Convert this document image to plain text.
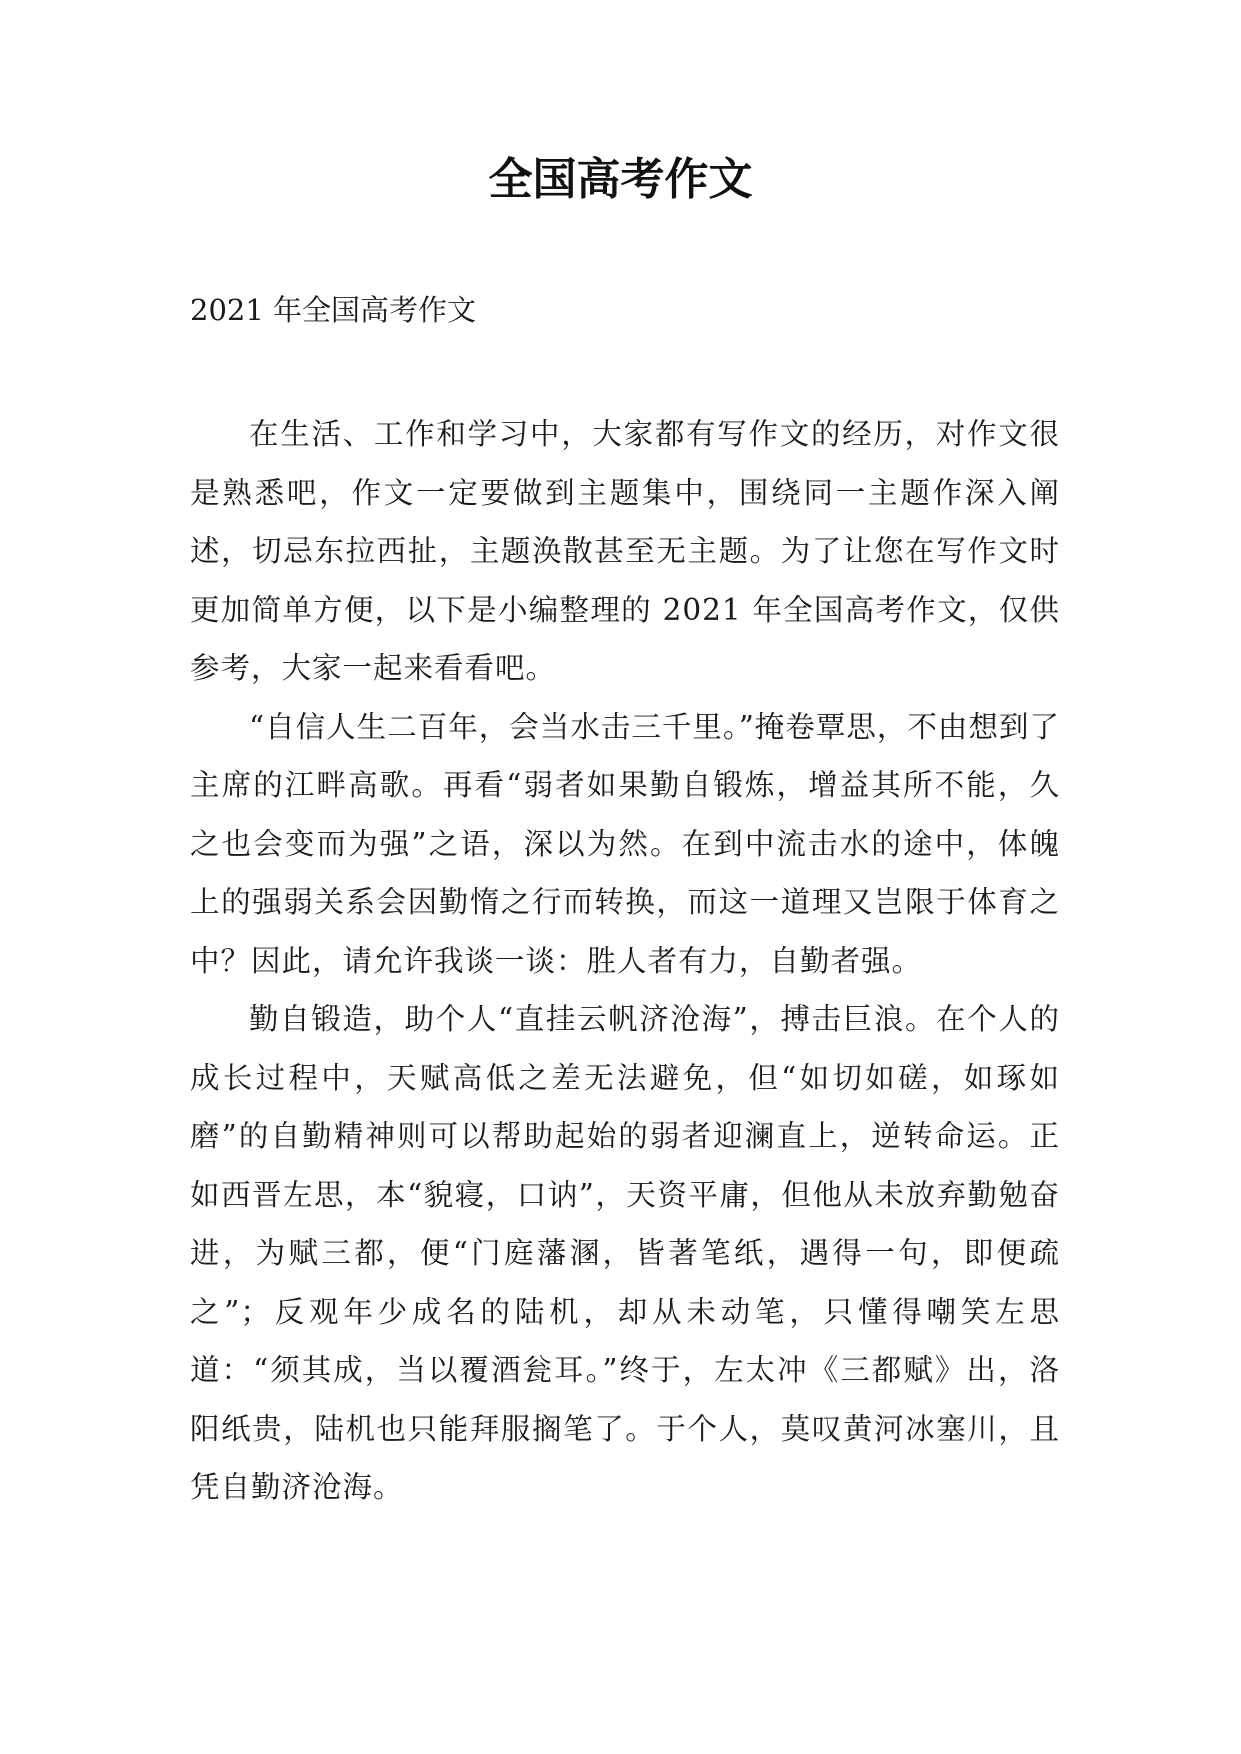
全国高考作文

2021 年全国高考作文

在生活、工作和学习中，大家都有写作文的经历，对作文很是熟悉吧，作文一定要做到主题集中，围绕同一主题作深入阐述，切忌东拉西扯，主题涣散甚至无主题。为了让您在写作文时更加简单方便，以下是小编整理的 2021 年全国高考作文，仅供参考，大家一起来看看吧。

“自信人生二百年，会当水击三千里。”掩卷覃思，不由想到了主席的江畔高歌。再看“弱者如果勤自锻炼，增益其所不能，久之也会变而为强”之语，深以为然。在到中流击水的途中，体魄上的强弱关系会因勤惰之行而转换，而这一道理又岂限于体育之中？因此，请允许我谈一谈：胜人者有力，自勤者强。

勤自锻造，助个人“直挂云帆济沧海”，搏击巨浪。在个人的成长过程中，天赋高低之差无法避免，但“如切如磋，如琢如磨”的自勤精神则可以帮助起始的弱者迎澜直上，逆转命运。正如西晋左思，本“貌寝，口讷”，天资平庸，但他从未放弃勤勉奋进，为赋三都，便“门庭藩溷，皆著笔纸，遇得一句，即便疏之”；反观年少成名的陆机，却从未动笔，只懂得嘲笑左思道：“须其成，当以覆酒瓮耳。”终于，左太冲《三都赋》出，洛阳纸贵，陆机也只能拜服搁笔了。于个人，莫叹黄河冰塞川，且凭自勤济沧海。
